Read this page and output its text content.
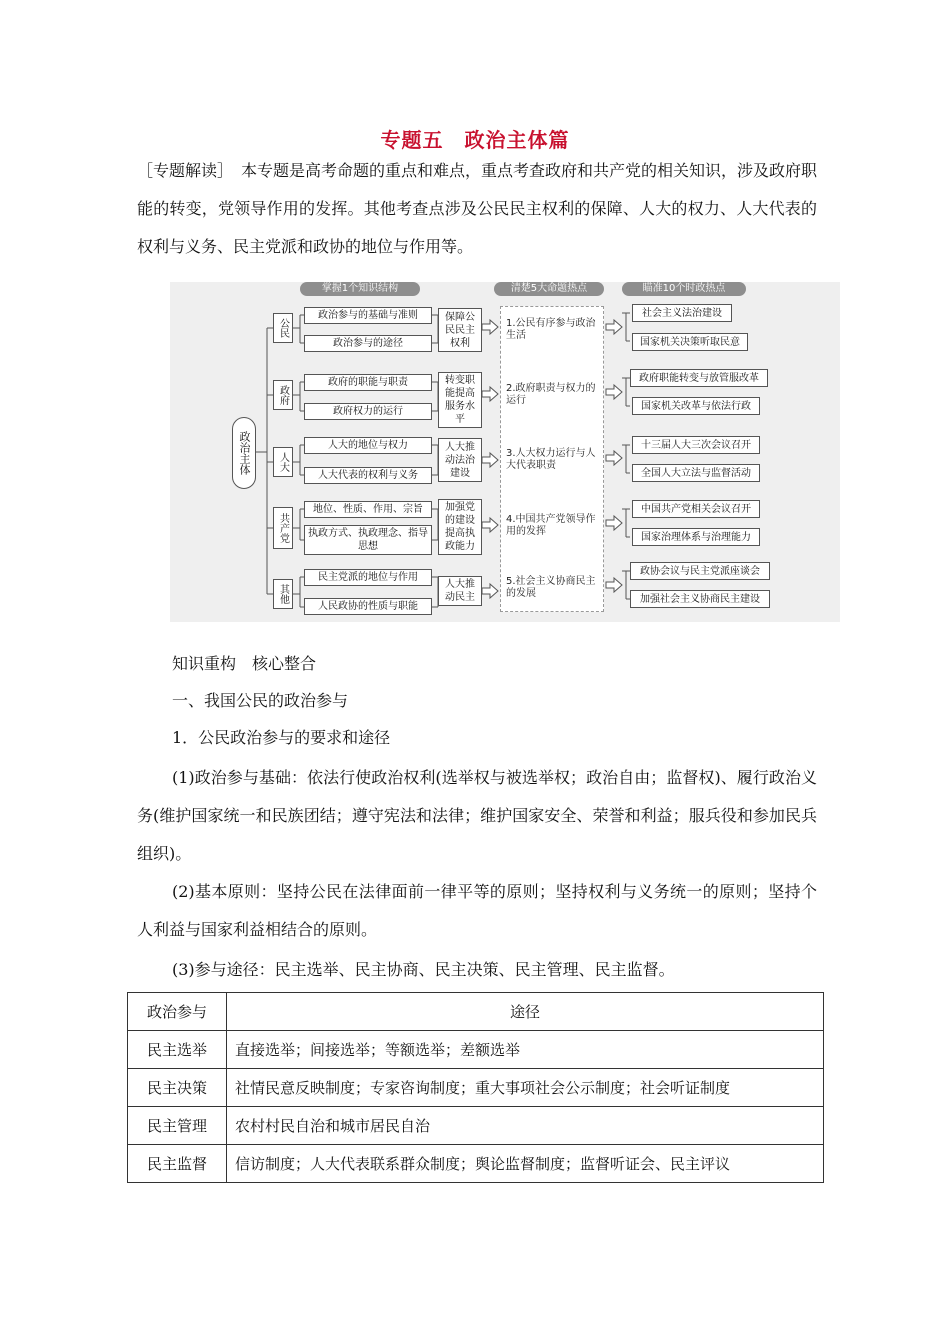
专题五　政治主体篇
［专题解读］　本专题是高考命题的重点和难点，重点考查政府和共产党的相关知识，涉及政府职能的转变，党领导作用的发挥。其他考查点涉及公民民主权利的保障、人大的权力、人大代表的权利与义务、民主党派和政协的地位与作用等。
掌握1个知识结构	清楚5大命题热点	瞄准10个时政热点
政治主体
公民
政府
人大
共产党
其他
政治参与的基础与准则
政治参与的途径
政府的职能与职责
政府权力的运行
人大的地位与权力
人大代表的权利与义务
地位、性质、作用、宗旨
执政方式、执政理念、指导思想
民主党派的地位与作用
人民政协的性质与职能
保障公民民主权利
转变职能提高服务水平
人大推动法治建设
加强党的建设提高执政能力
人大推动民主
1.公民有序参与政治生活
2.政府职责与权力的运行
3.人大权力运行与人大代表职责
4.中国共产党领导作用的发挥
5.社会主义协商民主的发展
社会主义法治建设
国家机关决策听取民意
政府职能转变与放管服改革
国家机关改革与依法行政
十三届人大三次会议召开
全国人大立法与监督活动
中国共产党相关会议召开
国家治理体系与治理能力
政协会议与民主党派座谈会
加强社会主义协商民主建设
知识重构　核心整合
一、我国公民的政治参与
1．公民政治参与的要求和途径
(1)政治参与基础：依法行使政治权利(选举权与被选举权；政治自由；监督权)、履行政治义务(维护国家统一和民族团结；遵守宪法和法律；维护国家安全、荣誉和利益；服兵役和参加民兵组织)。
(2)基本原则：坚持公民在法律面前一律平等的原则；坚持权利与义务统一的原则；坚持个人利益与国家利益相结合的原则。
(3)参与途径：民主选举、民主协商、民主决策、民主管理、民主监督。
政治参与	途径
民主选举	直接选举；间接选举；等额选举；差额选举
民主决策	社情民意反映制度；专家咨询制度；重大事项社会公示制度；社会听证制度
民主管理	农村村民自治和城市居民自治
民主监督	信访制度；人大代表联系群众制度；舆论监督制度；监督听证会、民主评议
